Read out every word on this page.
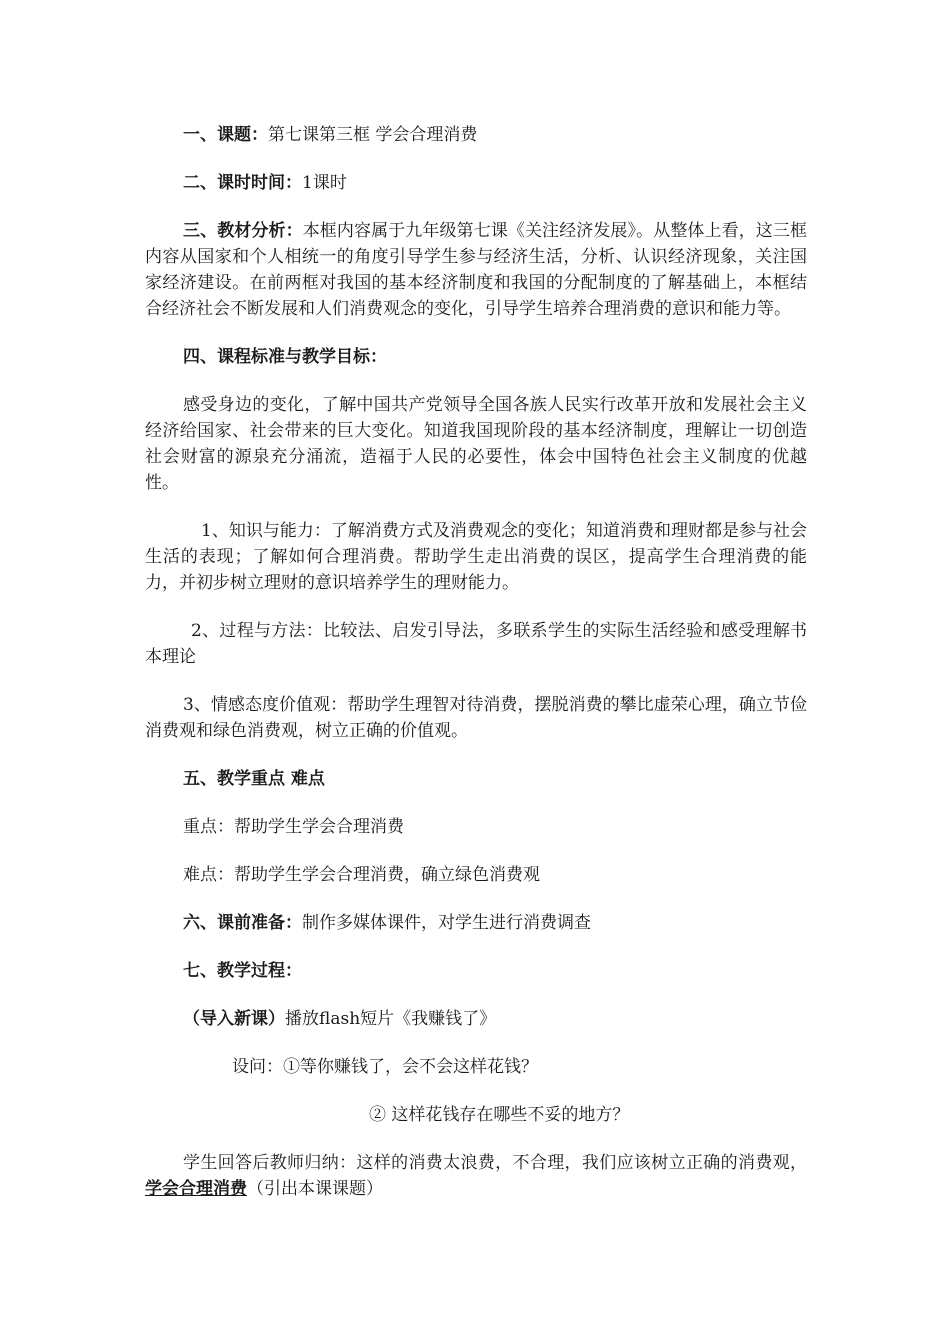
一、课题：第七课第三框 学会合理消费

二、课时时间：1课时

三、教材分析：本框内容属于九年级第七课《关注经济发展》。从整体上看，这三框内容从国家和个人相统一的角度引导学生参与经济生活，分析、认识经济现象，关注国家经济建设。在前两框对我国的基本经济制度和我国的分配制度的了解基础上，本框结合经济社会不断发展和人们消费观念的变化，引导学生培养合理消费的意识和能力等。

四、课程标准与教学目标：

感受身边的变化，了解中国共产党领导全国各族人民实行改革开放和发展社会主义经济给国家、社会带来的巨大变化。知道我国现阶段的基本经济制度，理解让一切创造社会财富的源泉充分涌流，造福于人民的必要性，体会中国特色社会主义制度的优越性。

1、知识与能力：了解消费方式及消费观念的变化；知道消费和理财都是参与社会生活的表现；了解如何合理消费。帮助学生走出消费的误区，提高学生合理消费的能力，并初步树立理财的意识培养学生的理财能力。

2、过程与方法：比较法、启发引导法，多联系学生的实际生活经验和感受理解书本理论

3、情感态度价值观：帮助学生理智对待消费，摆脱消费的攀比虚荣心理，确立节俭消费观和绿色消费观，树立正确的价值观。

五、教学重点 难点

重点：帮助学生学会合理消费

难点：帮助学生学会合理消费，确立绿色消费观

六、课前准备：制作多媒体课件，对学生进行消费调查

七、教学过程：

（导入新课）播放flash短片《我赚钱了》

设问：①等你赚钱了，会不会这样花钱？

② 这样花钱存在哪些不妥的地方？

学生回答后教师归纳：这样的消费太浪费，不合理，我们应该树立正确的消费观，学会合理消费（引出本课课题）
